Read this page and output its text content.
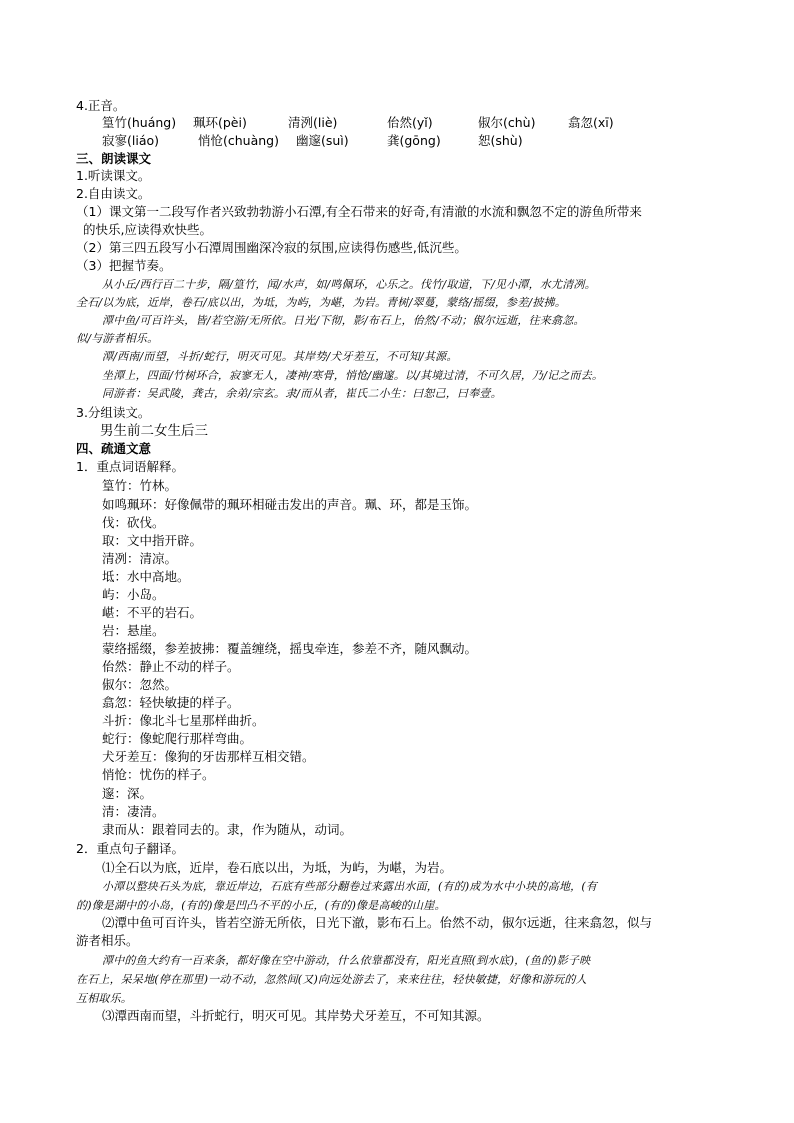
4.正音。
篁竹(huáng) 珮环(pèi)	清洌(liè)	佁然(yǐ)	俶尔(chù)	翕忽(xī)
寂寥(liáo)	悄怆(chuàng) 幽邃(suì)	龚(gōng)	恕(shù)
三、朗读课文
1.听读课文。
2.自由读文。
（1）课文第一二段写作者兴致勃勃游小石潭,有全石带来的好奇,有清澈的水流和飘忽不定的游鱼所带来
的快乐,应读得欢快些。
（2）第三四五段写小石潭周围幽深冷寂的氛围,应读得伤感些,低沉些。
（3）把握节奏。
从小丘/西行百二十步，隔/篁竹，闻/水声，如/鸣佩环，心乐之。伐竹/取道，下/见小潭，水尤清冽。
全石/以为底，近岸，卷石/底以出，为坻，为屿，为嵁，为岩。青树/翠蔓，蒙络/摇缀，参差/披拂。
潭中鱼/可百许头，皆/若空游/无所依。日光/下彻，影/布石上，佁然/不动；俶尔远逝，往来翕忽。
似/与游者相乐。
潭/西南/而望，斗折/蛇行，明灭可见。其岸势/犬牙差互，不可知/其源。
坐潭上，四面/竹树环合，寂寥无人，凄神/寒骨，悄怆/幽邃。以/其境过清，不可久居，乃/记之而去。
同游者：吴武陵，龚古，余弟/宗玄。隶/而从者，崔氏二小生：曰恕己，曰奉壹。
3.分组读文。
男生前二女生后三
四、疏通文意
1．重点词语解释。
篁竹：竹林。
如鸣珮环：好像佩带的珮环相碰击发出的声音。珮、环，都是玉饰。
伐：砍伐。
取：文中指开辟。
清冽：清凉。
坻：水中高地。
屿：小岛。
嵁：不平的岩石。
岩：悬崖。
蒙络摇缀，参差披拂：覆盖缠绕，摇曳牵连，参差不齐，随风飘动。
佁然：静止不动的样子。
俶尔：忽然。
翕忽：轻快敏捷的样子。
斗折：像北斗七星那样曲折。
蛇行：像蛇爬行那样弯曲。
犬牙差互：像狗的牙齿那样互相交错。
悄怆：忧伤的样子。
邃：深。
清：凄清。
隶而从：跟着同去的。隶，作为随从，动词。
2．重点句子翻译。
⑴全石以为底，近岸，卷石底以出，为坻，为屿，为嵁，为岩。
小潭以整块石头为底，靠近岸边，石底有些部分翻卷过来露出水面，(有的)成为水中小块的高地，(有
的)像是湖中的小岛，(有的)像是凹凸不平的小丘，(有的)像是高峻的山崖。
⑵潭中鱼可百许头，皆若空游无所依，日光下澈，影布石上。佁然不动，俶尔远逝，往来翕忽，似与
游者相乐。
潭中的鱼大约有一百来条，都好像在空中游动，什么依靠都没有，阳光直照(到水底)，(鱼的)影子映
在石上，呆呆地(停在那里)一动不动，忽然间(又)向远处游去了，来来往往，轻快敏捷，好像和游玩的人
互相取乐。
⑶潭西南而望，斗折蛇行，明灭可见。其岸势犬牙差互，不可知其源。
